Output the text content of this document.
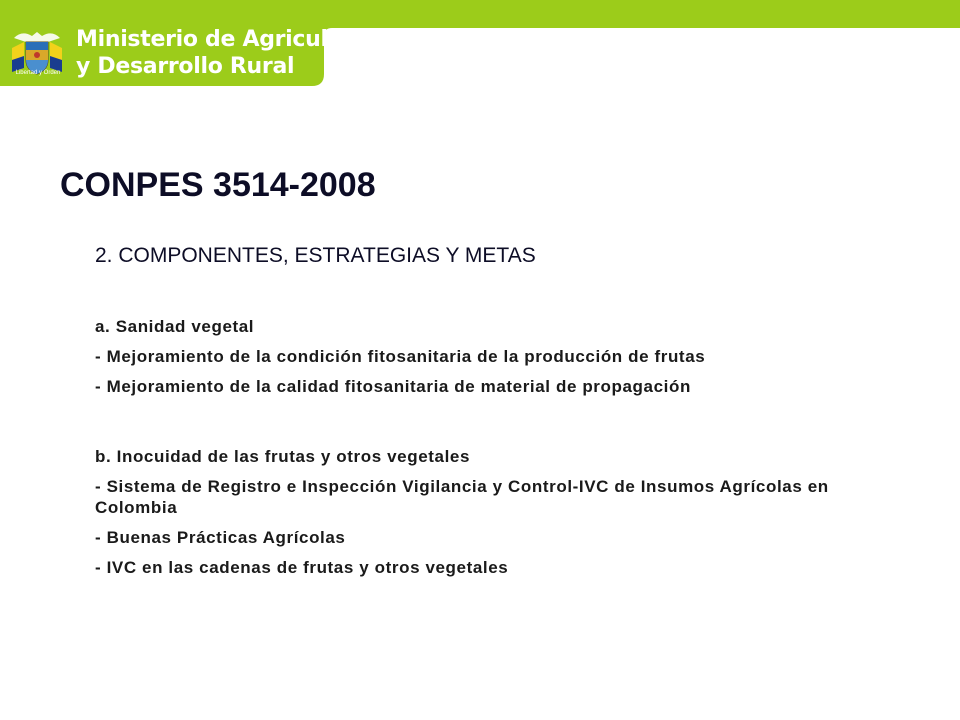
Libertad y Orden
Ministerio de Agricultura
y Desarrollo Rural
CONPES 3514-2008
2. COMPONENTES, ESTRATEGIAS Y METAS
a. Sanidad vegetal
- Mejoramiento de la condición fitosanitaria de la producción de frutas
- Mejoramiento de la calidad fitosanitaria de material de propagación
b. Inocuidad de las frutas y otros vegetales
- Sistema de Registro e Inspección Vigilancia y Control-IVC de Insumos Agrícolas en Colombia
- Buenas Prácticas Agrícolas
- IVC en las cadenas de frutas y otros vegetales
